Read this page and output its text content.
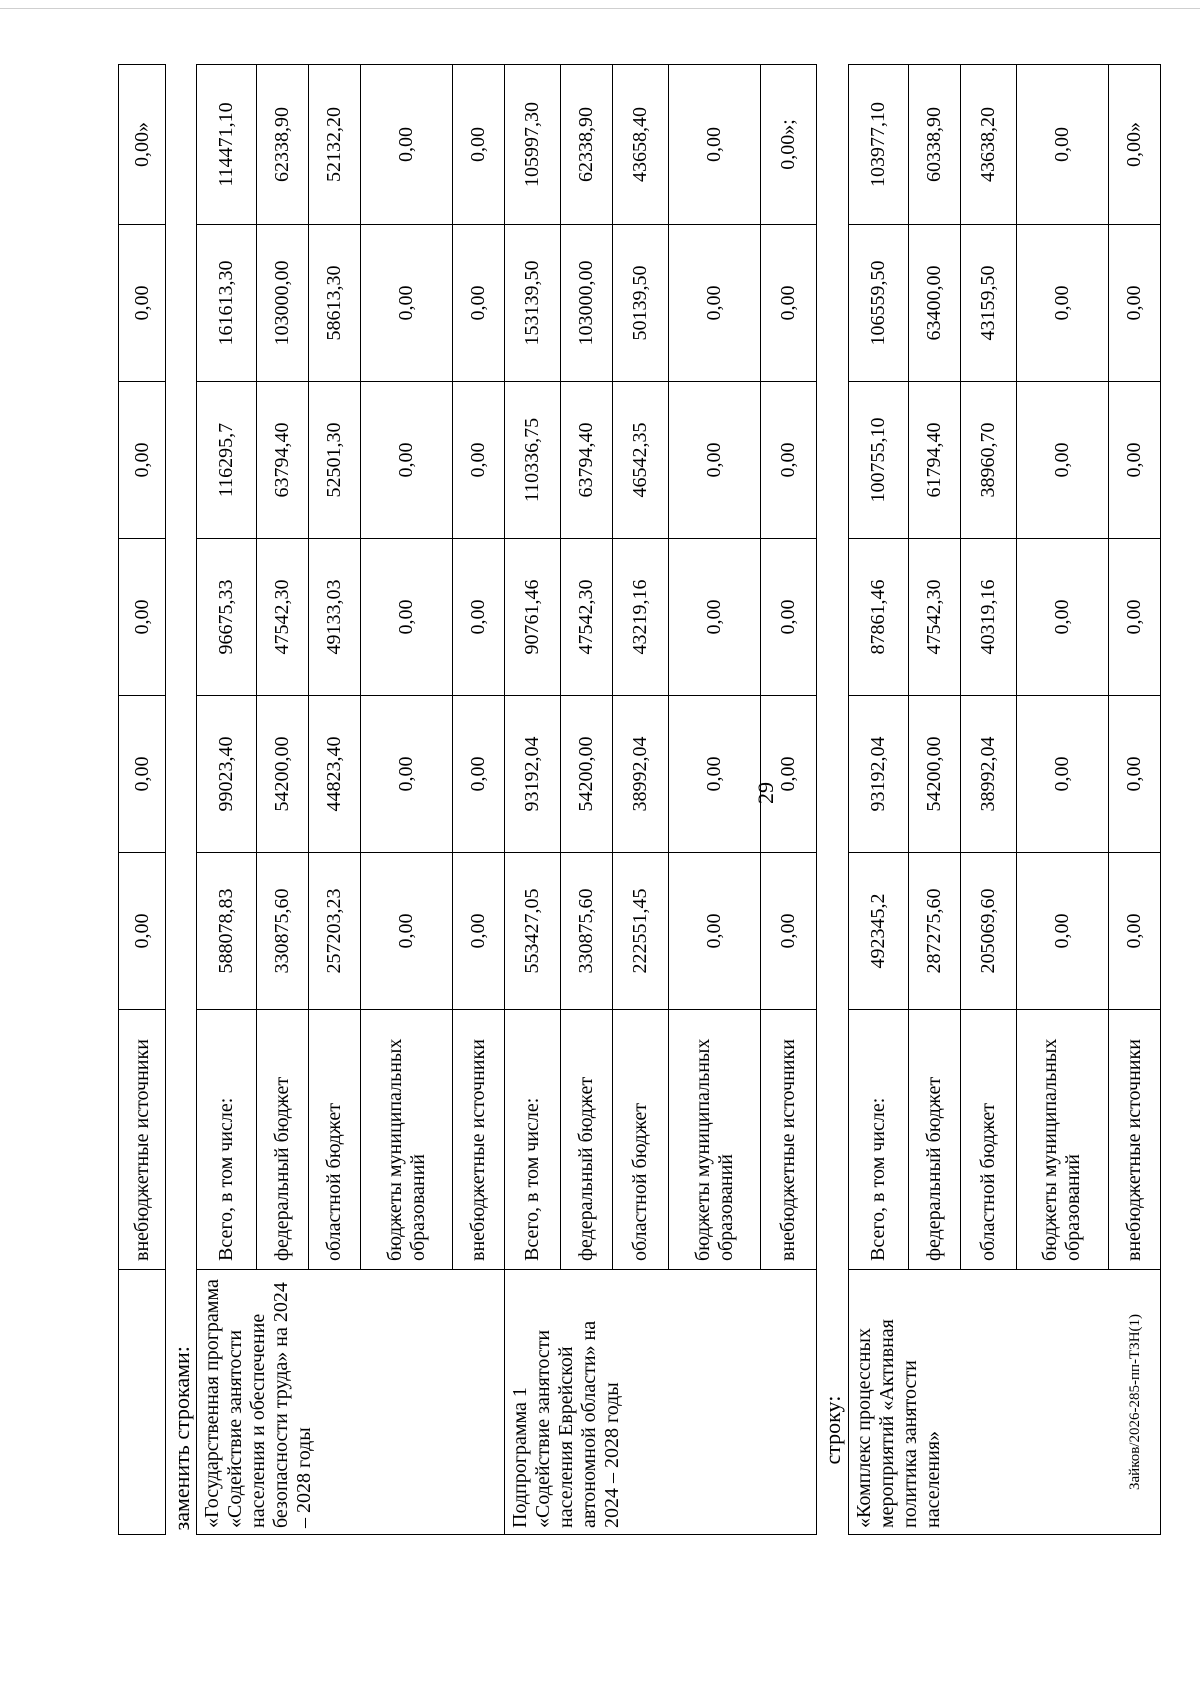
29
	внебюджетные источники	0,00	0,00	0,00	0,00	0,00	0,00»
заменить строками:							
«Государственная программа «Содействие занятости населения и обеспечение безопасности труда» на 2024 – 2028 годы	Всего, в том числе:	588078,83	99023,40	96675,33	116295,7	161613,30	114471,10
	федеральный бюджет	330875,60	54200,00	47542,30	63794,40	103000,00	62338,90
	областной бюджет	257203,23	44823,40	49133,03	52501,30	58613,30	52132,20
	бюджеты муниципальных образований	0,00	0,00	0,00	0,00	0,00	0,00
	внебюджетные источники	0,00	0,00	0,00	0,00	0,00	0,00
Подпрограмма 1 «Содействие занятости населения Еврейской автономной области» на 2024 – 2028 годы	Всего, в том числе:	553427,05	93192,04	90761,46	110336,75	153139,50	105997,30
	федеральный бюджет	330875,60	54200,00	47542,30	63794,40	103000,00	62338,90
	областной бюджет	222551,45	38992,04	43219,16	46542,35	50139,50	43658,40
	бюджеты муниципальных образований	0,00	0,00	0,00	0,00	0,00	0,00
	внебюджетные источники	0,00	0,00	0,00	0,00	0,00	0,00»;
строку:							
«Комплекс процессных мероприятий «Активная политика занятости населения»	Всего, в том числе:	492345,2	93192,04	87861,46	100755,10	106559,50	103977,10
	федеральный бюджет	287275,60	54200,00	47542,30	61794,40	63400,00	60338,90
	областной бюджет	205069,60	38992,04	40319,16	38960,70	43159,50	43638,20
	бюджеты муниципальных образований	0,00	0,00	0,00	0,00	0,00	0,00
	внебюджетные источники	0,00	0,00	0,00	0,00	0,00	0,00»
Зайков/2026-285-пп-ТЗН(1)
